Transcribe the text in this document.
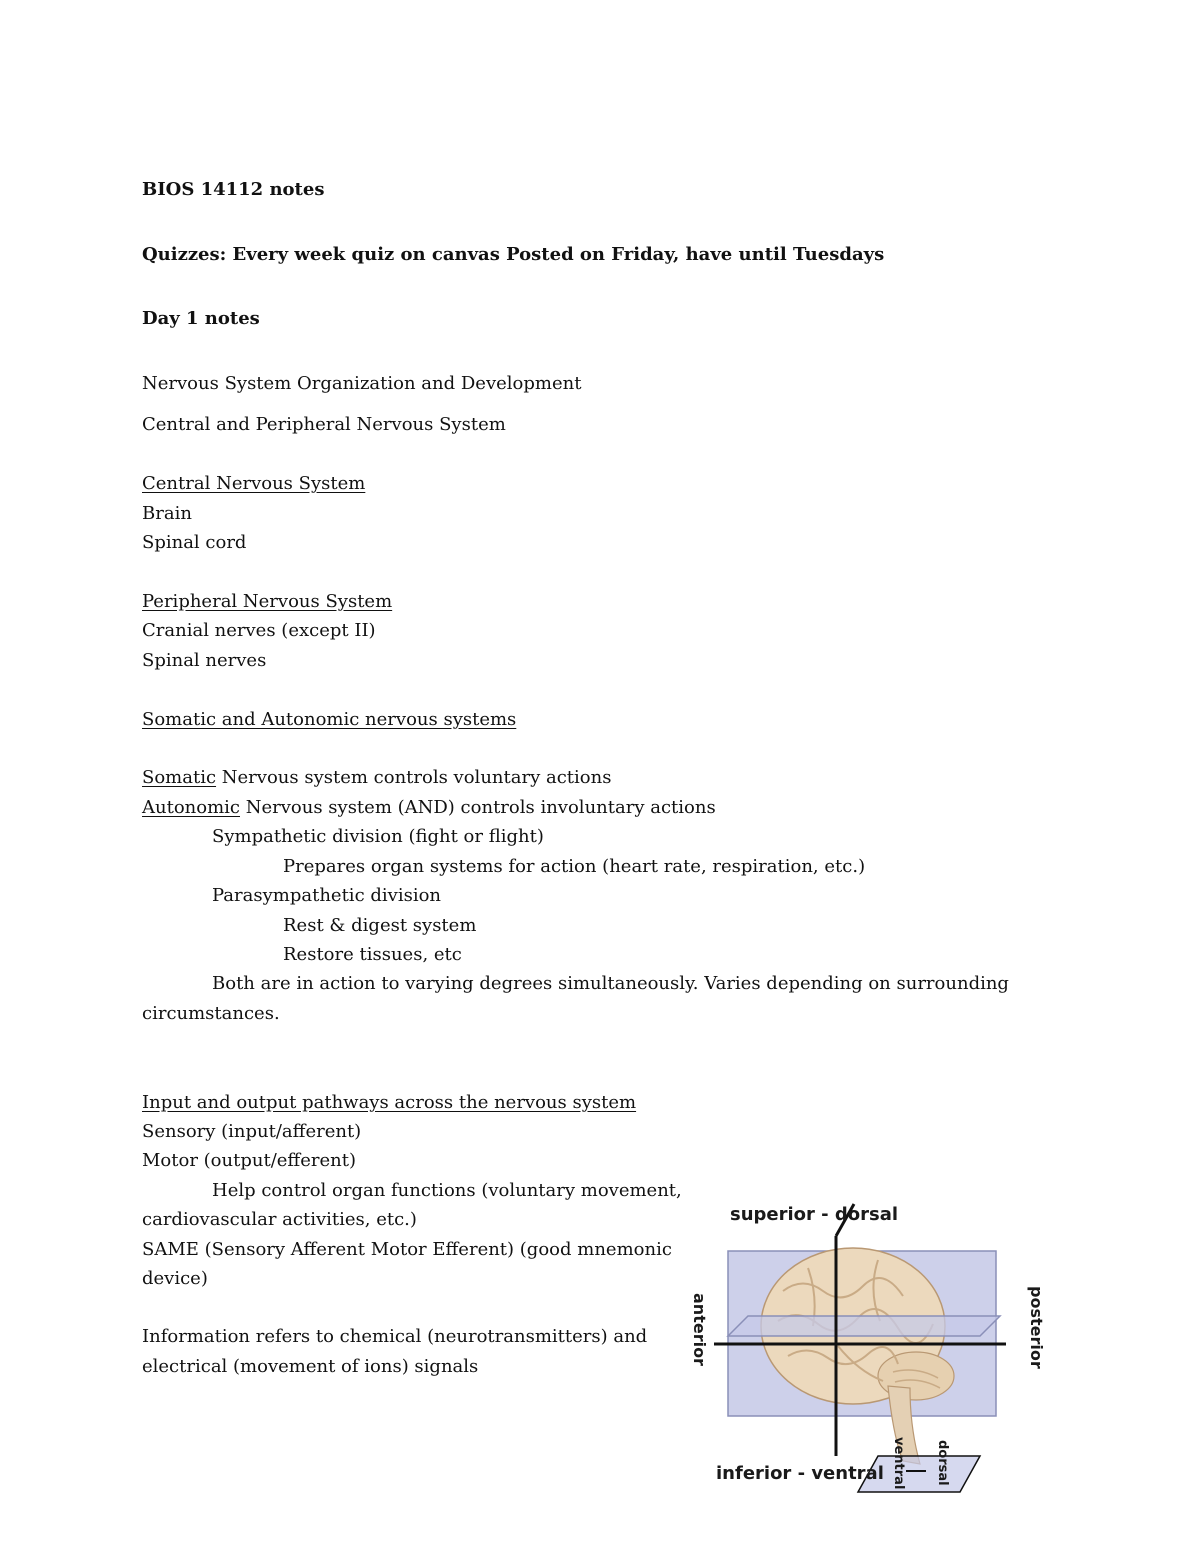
BIOS 14112 notes
Quizzes: Every week quiz on canvas Posted on Friday, have until Tuesdays
Day 1 notes
Nervous System Organization and Development
Central and Peripheral Nervous System
Central Nervous System
Brain
Spinal cord
Peripheral Nervous System
Cranial nerves (except II)
Spinal nerves
Somatic and Autonomic nervous systems
Somatic Nervous system controls voluntary actions
Autonomic Nervous system (AND) controls involuntary actions
Sympathetic division (fight or flight)
Prepares organ systems for action (heart rate, respiration, etc.)
Parasympathetic division
Rest & digest system
Restore tissues, etc
Both are in action to varying degrees simultaneously. Varies depending on surrounding
circumstances.
Input and output pathways across the nervous system
Sensory (input/afferent)
Motor (output/efferent)
Help control organ functions (voluntary movement,
cardiovascular activities, etc.)
SAME (Sensory Afferent Motor Efferent) (good mnemonic
device)
Information refers to chemical (neurotransmitters) and
electrical (movement of ions) signals
superior - dorsal
inferior - ventral
anterior	posterior
ventral dorsal
